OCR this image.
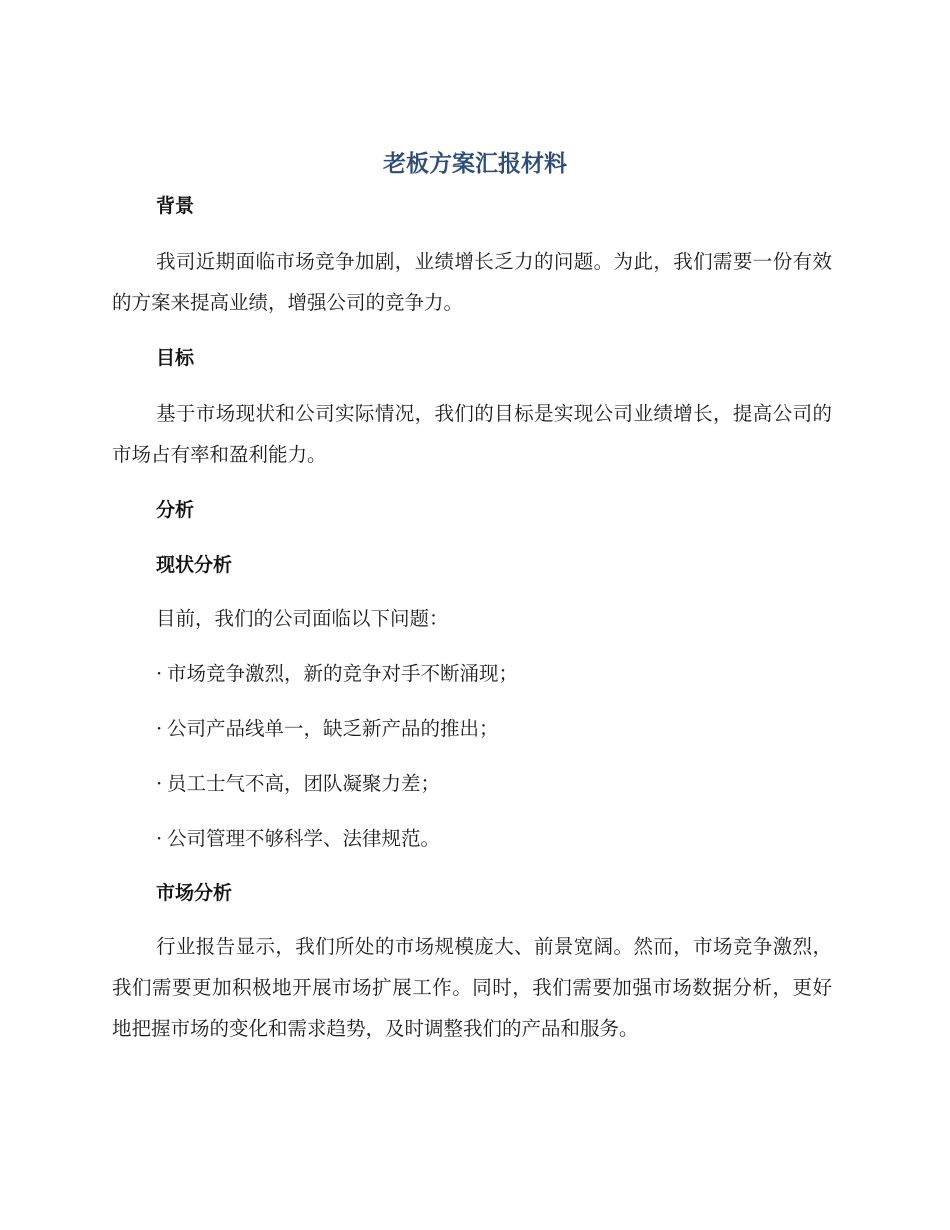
老板方案汇报材料
背景
我司近期面临市场竞争加剧，业绩增长乏力的问题。为此，我们需要一份有效的方案来提高业绩，增强公司的竞争力。
目标
基于市场现状和公司实际情况，我们的目标是实现公司业绩增长，提高公司的市场占有率和盈利能力。
分析
现状分析
目前，我们的公司面临以下问题：
· 市场竞争激烈，新的竞争对手不断涌现；
· 公司产品线单一，缺乏新产品的推出；
· 员工士气不高，团队凝聚力差；
· 公司管理不够科学、法律规范。
市场分析
行业报告显示，我们所处的市场规模庞大、前景宽阔。然而，市场竞争激烈，我们需要更加积极地开展市场扩展工作。同时，我们需要加强市场数据分析，更好地把握市场的变化和需求趋势，及时调整我们的产品和服务。
